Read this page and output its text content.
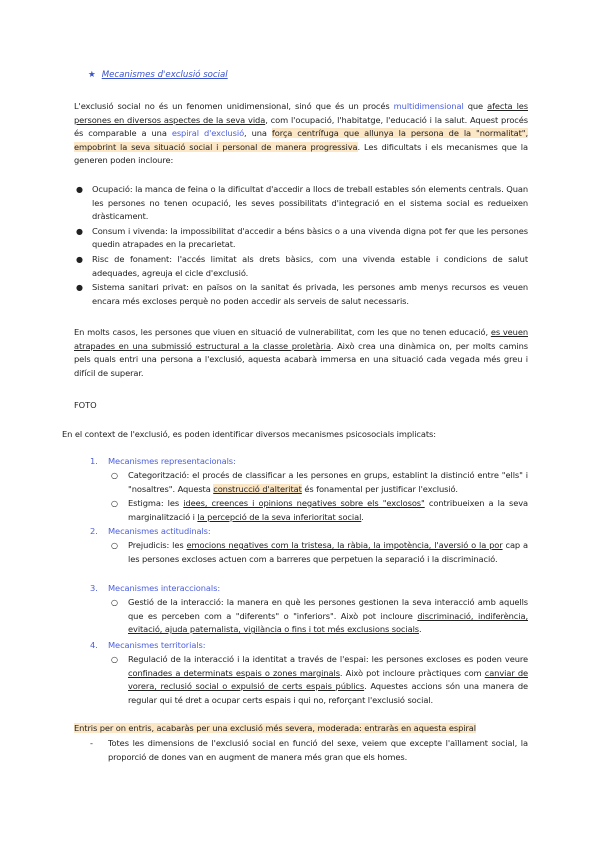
★ Mecanismes d'exclusió social
L'exclusió social no és un fenomen unidimensional, sinó que és un procés multidimensional que afecta les persones en diversos aspectes de la seva vida, com l'ocupació, l'habitatge, l'educació i la salut. Aquest procés és comparable a una espiral d'exclusió, una força centrífuga que allunya la persona de la "normalitat", empobrint la seva situació social i personal de manera progressiva. Les dificultats i els mecanismes que la generen poden incloure:
● Ocupació: la manca de feina o la dificultat d'accedir a llocs de treball estables són elements centrals. Quan les persones no tenen ocupació, les seves possibilitats d'integració en el sistema social es redueixen dràsticament.
● Consum i vivenda: la impossibilitat d'accedir a béns bàsics o a una vivenda digna pot fer que les persones quedin atrapades en la precarietat.
● Risc de fonament: l'accés limitat als drets bàsics, com una vivenda estable i condicions de salut adequades, agreuja el cicle d'exclusió.
● Sistema sanitari privat: en països on la sanitat és privada, les persones amb menys recursos es veuen encara més excloses perquè no poden accedir als serveis de salut necessaris.
En molts casos, les persones que viuen en situació de vulnerabilitat, com les que no tenen educació, es veuen atrapades en una submissió estructural a la classe proletària. Això crea una dinàmica on, per molts camins pels quals entri una persona a l'exclusió, aquesta acabarà immersa en una situació cada vegada més greu i difícil de superar.
FOTO
En el context de l'exclusió, es poden identificar diversos mecanismes psicosocials implicats:
1. Mecanismes representacionals:
○ Categorització: el procés de classificar a les persones en grups, establint la distinció entre "ells" i "nosaltres". Aquesta construcció d'alteritat és fonamental per justificar l'exclusió.
○ Estigma: les idees, creences i opinions negatives sobre els "exclosos" contribueixen a la seva marginalització i la percepció de la seva inferioritat social.
2. Mecanismes actitudinals:
○ Prejudicis: les emocions negatives com la tristesa, la ràbia, la impotència, l'aversió o la por cap a les persones excloses actuen com a barreres que perpetuen la separació i la discriminació.
3. Mecanismes interaccionals:
○ Gestió de la interacció: la manera en què les persones gestionen la seva interacció amb aquells que es perceben com a "diferents" o "inferiors". Això pot incloure discriminació, indiferència, evitació, ajuda paternalista, vigilància o fins i tot més exclusions socials.
4. Mecanismes territorials:
○ Regulació de la interacció i la identitat a través de l'espai: les persones excloses es poden veure confinades a determinats espais o zones marginals. Això pot incloure pràctiques com canviar de vorera, reclusió social o expulsió de certs espais públics. Aquestes accions són una manera de regular qui té dret a ocupar certs espais i qui no, reforçant l'exclusió social.
Entris per on entris, acabaràs per una exclusió més severa, moderada: entraràs en aquesta espiral
- Totes les dimensions de l'exclusió social en funció del sexe, veiem que excepte l'aïllament social, la proporció de dones van en augment de manera més gran que els homes.
